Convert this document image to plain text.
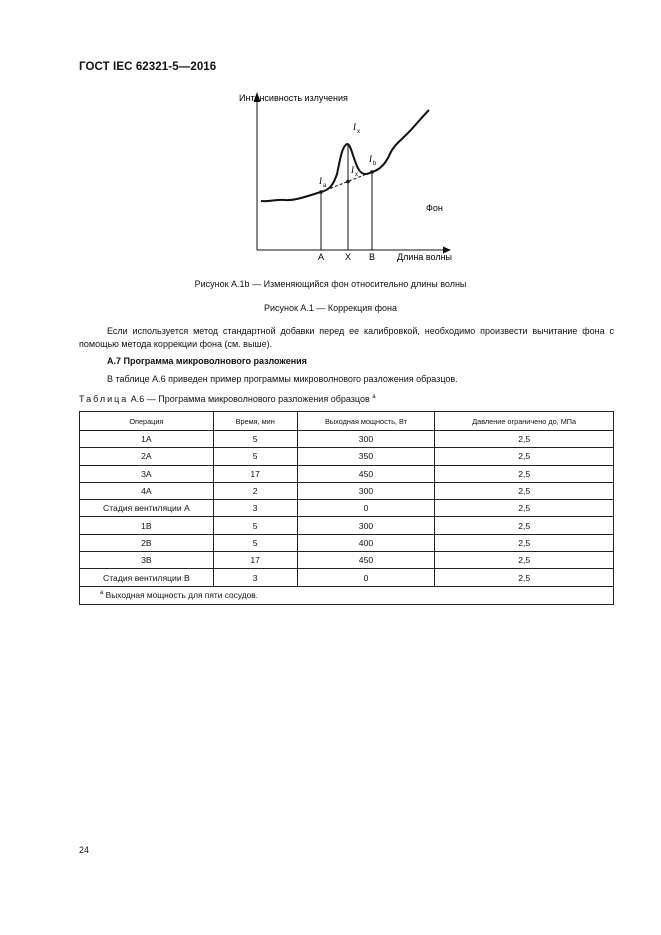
ГОСТ IEC 62321-5—2016
Интенсивность излучения
Длина волны
Фон
A X B
I x
I a
I x
I b
Рисунок А.1b — Изменяющийся фон относительно длины волны
Рисунок А.1 — Коррекция фона
Если используется метод стандартной добавки перед ее калибровкой, необходимо произвести вычитание фона с помощью метода коррекции фона (см. выше).
А.7 Программа микроволнового разложения
В таблице А.6 приведен пример программы микроволнового разложения образцов.
Таблица А.6 — Программа микроволнового разложения образцов $^a$
Операция	Время, мин	Выходная мощность, Вт	Давление ограничено до, МПа
1А	5	300	2,5
2А	5	350	2,5
3А	17	450	2,5
4А	2	300	2,5
Стадия вентиляции А	3	0	2,5
1В	5	300	2,5
2В	5	400	2,5
3В	17	450	2,5
Стадия вентиляции В	3	0	2,5
$^a$ Выходная мощность для пяти сосудов.			
24
